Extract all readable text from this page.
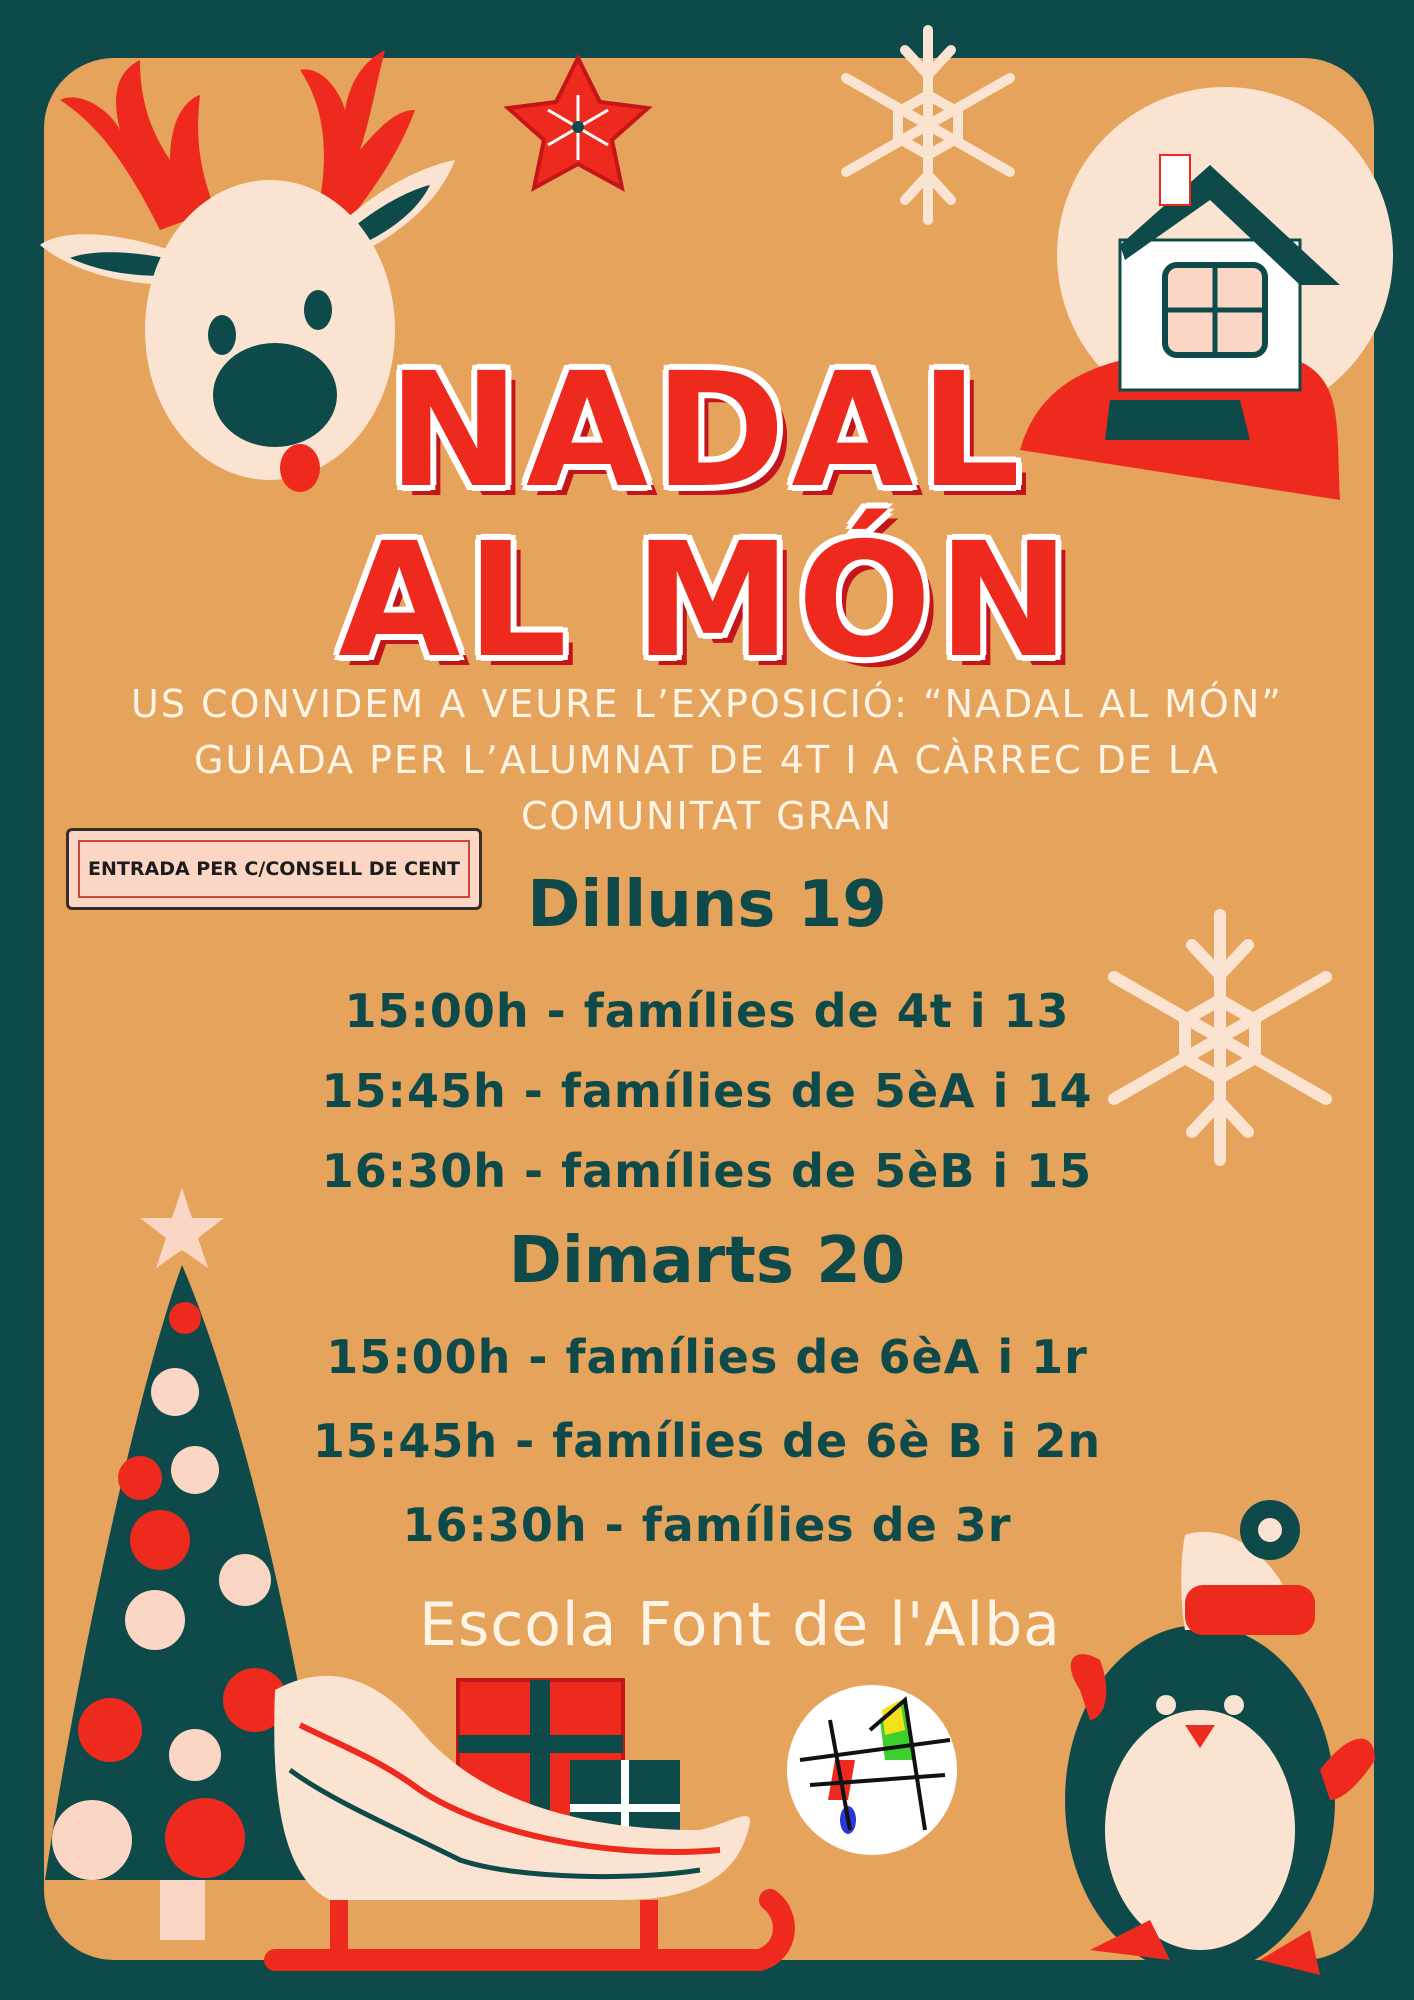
NADAL
AL MÓN
US CONVIDEM A VEURE L’EXPOSICIÓ: “NADAL AL MÓN”
GUIADA PER L’ALUMNAT DE 4T I A CÀRREC DE LA
COMUNITAT GRAN
ENTRADA PER C/CONSELL DE CENT	Dilluns 19
15:00h - famílies de 4t i 13
15:45h - famílies de 5èA i 14
16:30h - famílies de 5èB i 15
Dimarts 20
15:00h - famílies de 6èA i 1r
15:45h - famílies de 6è B i 2n
16:30h - famílies de 3r
Escola Font de l'Alba
